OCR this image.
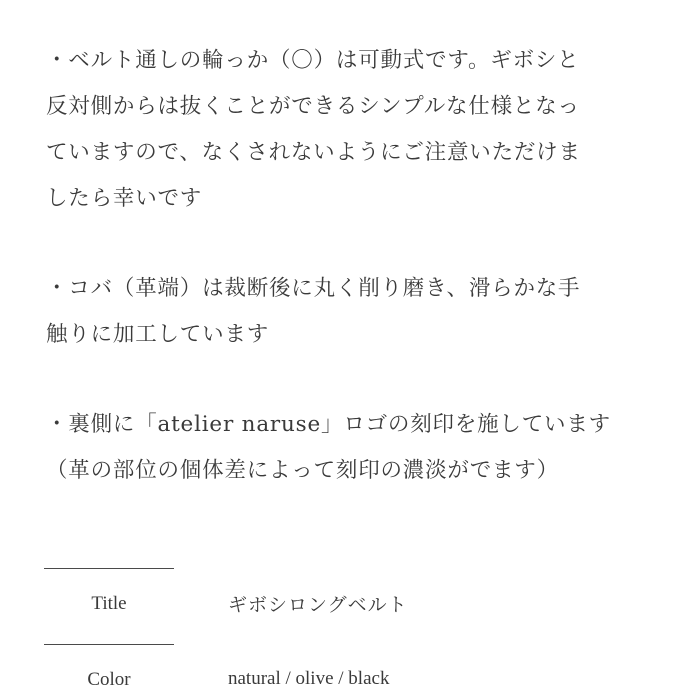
・ベルト通しの輪っか（〇）は可動式です。ギボシと
反対側からは抜くことができるシンプルな仕様となっ
ていますので、なくされないようにご注意いただけま
したら幸いです

・コバ（革端）は裁断後に丸く削り磨き、滑らかな手
触りに加工しています

・裏側に「atelier naruse」ロゴの刻印を施しています
（革の部位の個体差によって刻印の濃淡がでます）

Title	ギボシロングベルト
Color	natural / olive / black
